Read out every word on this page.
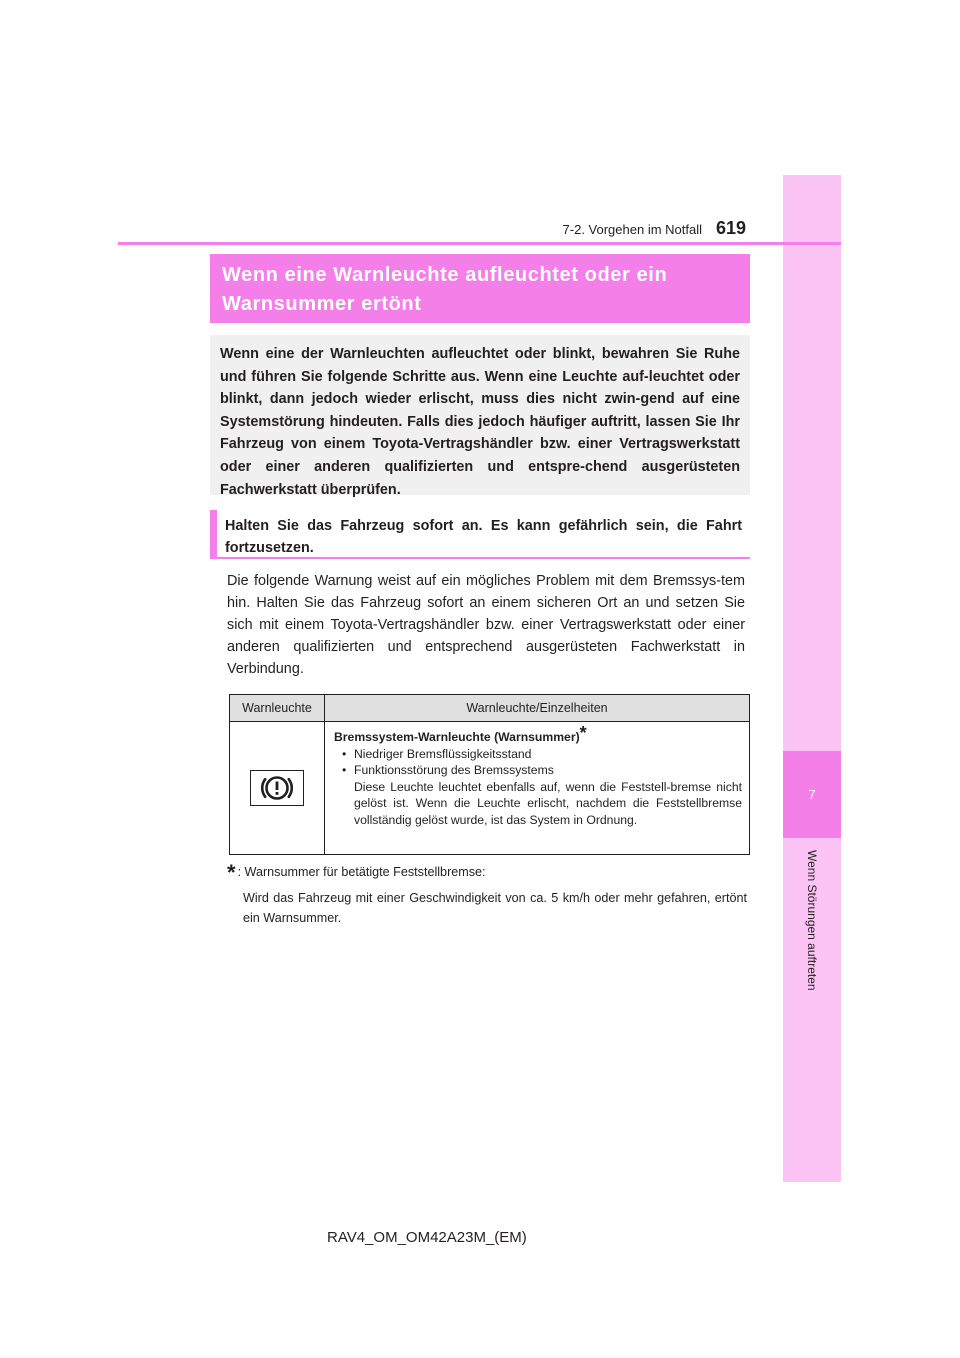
7
Wenn Störungen auftreten
7-2. Vorgehen im Notfall 619
Wenn eine Warnleuchte aufleuchtet oder ein
Warnsummer ertönt

Wenn eine der Warnleuchten aufleuchtet oder blinkt, bewahren Sie Ruhe und führen Sie folgende Schritte aus. Wenn eine Leuchte auf-leuchtet oder blinkt, dann jedoch wieder erlischt, muss dies nicht zwin-gend auf eine Systemstörung hindeuten. Falls dies jedoch häufiger auftritt, lassen Sie Ihr Fahrzeug von einem Toyota-Vertragshändler bzw. einer Vertragswerkstatt oder einer anderen qualifizierten und entspre-chend ausgerüsteten Fachwerkstatt überprüfen.

Halten Sie das Fahrzeug sofort an. Es kann gefährlich sein, die Fahrt fortzusetzen.

Die folgende Warnung weist auf ein mögliches Problem mit dem Bremssys-tem hin. Halten Sie das Fahrzeug sofort an einem sicheren Ort an und setzen Sie sich mit einem Toyota-Vertragshändler bzw. einer Vertragswerkstatt oder einer anderen qualifizierten und entsprechend ausgerüsteten Fachwerkstatt in Verbindung.

Warnleuchte	Warnleuchte/Einzelheiten
Bremssystem-Warnleuchte (Warnsummer)*
• Niedriger Bremsflüssigkeitsstand
• Funktionsstörung des Bremssystems
Diese Leuchte leuchtet ebenfalls auf, wenn die Feststell-bremse nicht gelöst ist. Wenn die Leuchte erlischt, nachdem die Feststellbremse vollständig gelöst wurde, ist das System in Ordnung.
* : Warnsummer für betätigte Feststellbremse:
Wird das Fahrzeug mit einer Geschwindigkeit von ca. 5 km/h oder mehr gefahren, ertönt ein Warnsummer.
RAV4_OM_OM42A23M_(EM)
